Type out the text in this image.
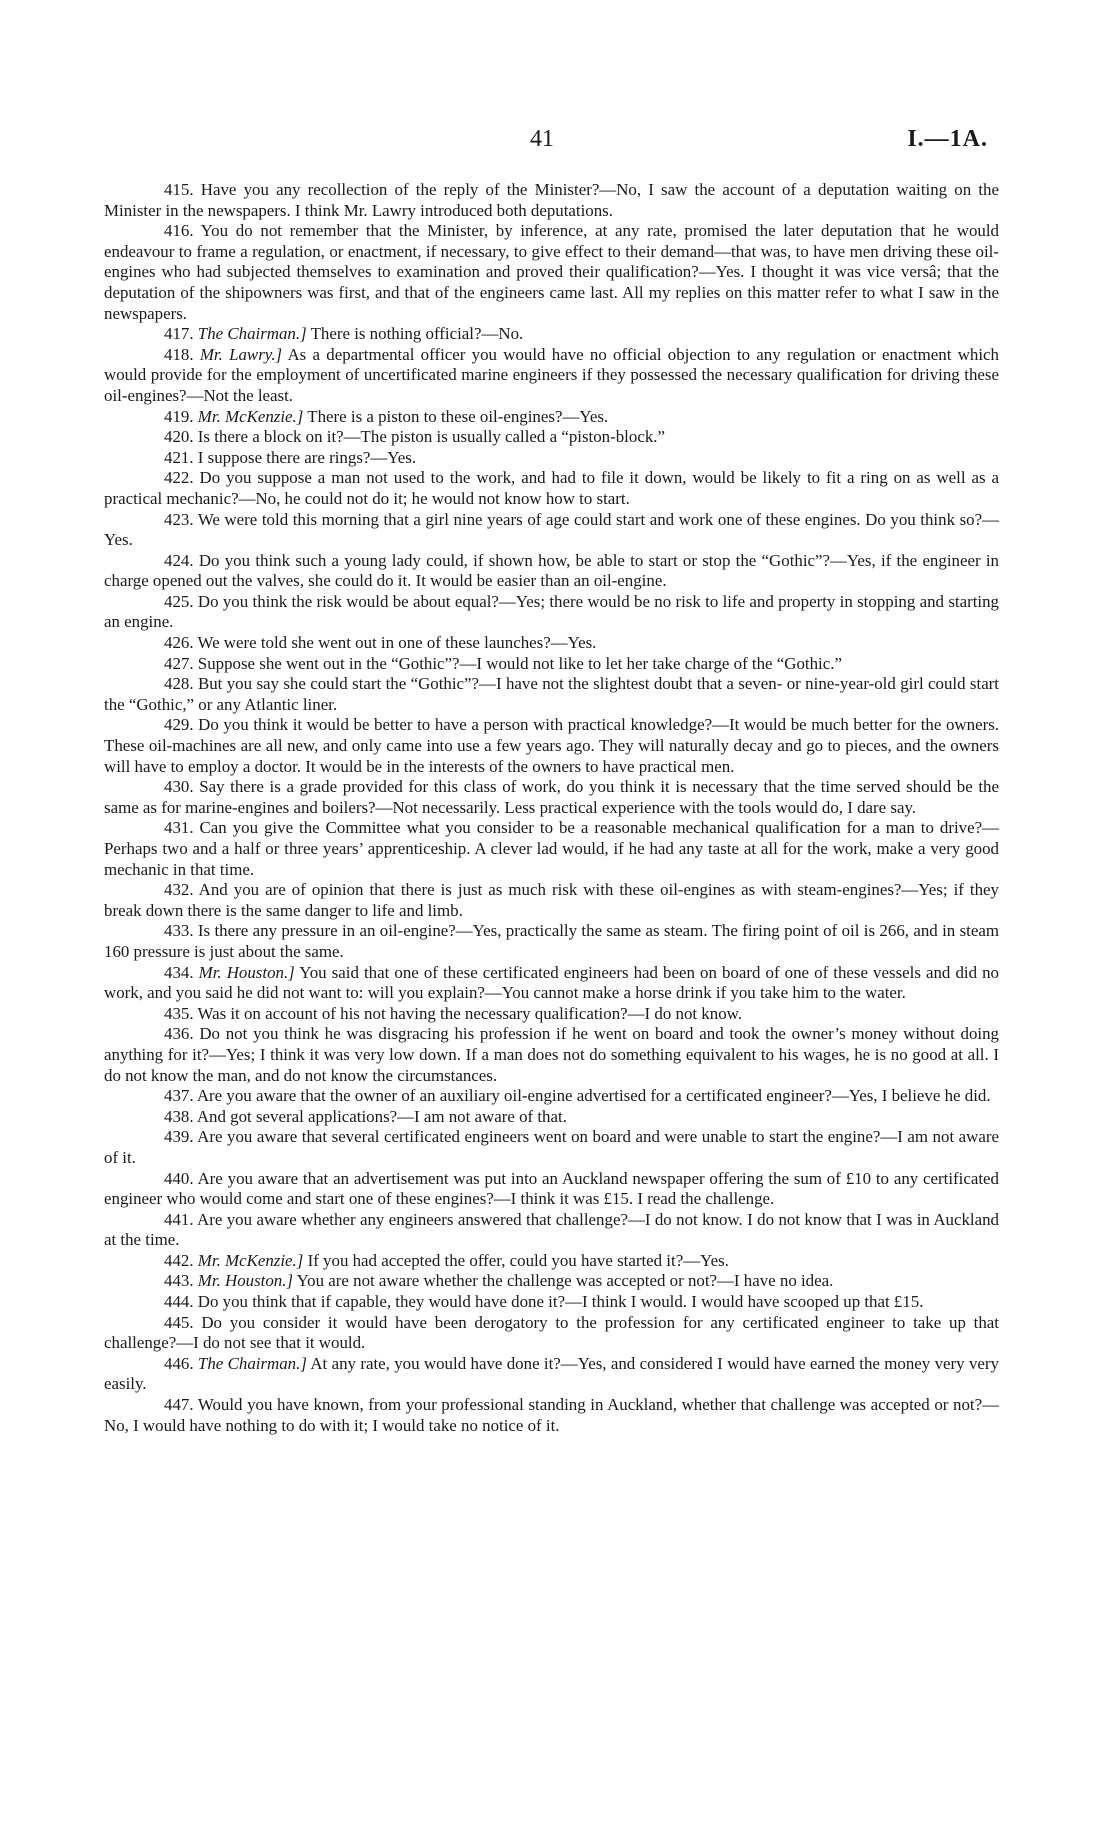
41	I.—1A.

415. Have you any recollection of the reply of the Minister?—No, I saw the account of a deputation waiting on the Minister in the newspapers. I think Mr. Lawry introduced both deputations.

416. You do not remember that the Minister, by inference, at any rate, promised the later deputation that he would endeavour to frame a regulation, or enactment, if necessary, to give effect to their demand—that was, to have men driving these oil-engines who had subjected themselves to examination and proved their qualification?—Yes. I thought it was vice versâ; that the deputation of the shipowners was first, and that of the engineers came last. All my replies on this matter refer to what I saw in the newspapers.

417. The Chairman.] There is nothing official?—No.

418. Mr. Lawry.] As a departmental officer you would have no official objection to any regulation or enactment which would provide for the employment of uncertificated marine engineers if they possessed the necessary qualification for driving these oil-engines?—Not the least.

419. Mr. McKenzie.] There is a piston to these oil-engines?—Yes.

420. Is there a block on it?—The piston is usually called a “piston-block.”

421. I suppose there are rings?—Yes.

422. Do you suppose a man not used to the work, and had to file it down, would be likely to fit a ring on as well as a practical mechanic?—No, he could not do it; he would not know how to start.

423. We were told this morning that a girl nine years of age could start and work one of these engines. Do you think so?—Yes.

424. Do you think such a young lady could, if shown how, be able to start or stop the “Gothic”?—Yes, if the engineer in charge opened out the valves, she could do it. It would be easier than an oil-engine.

425. Do you think the risk would be about equal?—Yes; there would be no risk to life and property in stopping and starting an engine.

426. We were told she went out in one of these launches?—Yes.

427. Suppose she went out in the “Gothic”?—I would not like to let her take charge of the “Gothic.”

428. But you say she could start the “Gothic”?—I have not the slightest doubt that a seven- or nine-year-old girl could start the “Gothic,” or any Atlantic liner.

429. Do you think it would be better to have a person with practical knowledge?—It would be much better for the owners. These oil-machines are all new, and only came into use a few years ago. They will naturally decay and go to pieces, and the owners will have to employ a doctor. It would be in the interests of the owners to have practical men.

430. Say there is a grade provided for this class of work, do you think it is necessary that the time served should be the same as for marine-engines and boilers?—Not necessarily. Less practical experience with the tools would do, I dare say.

431. Can you give the Committee what you consider to be a reasonable mechanical qualification for a man to drive?—Perhaps two and a half or three years’ apprenticeship. A clever lad would, if he had any taste at all for the work, make a very good mechanic in that time.

432. And you are of opinion that there is just as much risk with these oil-engines as with steam-engines?—Yes; if they break down there is the same danger to life and limb.

433. Is there any pressure in an oil-engine?—Yes, practically the same as steam. The firing point of oil is 266, and in steam 160 pressure is just about the same.

434. Mr. Houston.] You said that one of these certificated engineers had been on board of one of these vessels and did no work, and you said he did not want to: will you explain?—You cannot make a horse drink if you take him to the water.

435. Was it on account of his not having the necessary qualification?—I do not know.

436. Do not you think he was disgracing his profession if he went on board and took the owner’s money without doing anything for it?—Yes; I think it was very low down. If a man does not do something equivalent to his wages, he is no good at all. I do not know the man, and do not know the circumstances.

437. Are you aware that the owner of an auxiliary oil-engine advertised for a certificated engineer?—Yes, I believe he did.

438. And got several applications?—I am not aware of that.

439. Are you aware that several certificated engineers went on board and were unable to start the engine?—I am not aware of it.

440. Are you aware that an advertisement was put into an Auckland newspaper offering the sum of £10 to any certificated engineer who would come and start one of these engines?—I think it was £15. I read the challenge.

441. Are you aware whether any engineers answered that challenge?—I do not know. I do not know that I was in Auckland at the time.

442. Mr. McKenzie.] If you had accepted the offer, could you have started it?—Yes.

443. Mr. Houston.] You are not aware whether the challenge was accepted or not?—I have no idea.

444. Do you think that if capable, they would have done it?—I think I would. I would have scooped up that £15.

445. Do you consider it would have been derogatory to the profession for any certificated engineer to take up that challenge?—I do not see that it would.

446. The Chairman.] At any rate, you would have done it?—Yes, and considered I would have earned the money very very easily.

447. Would you have known, from your professional standing in Auckland, whether that challenge was accepted or not?—No, I would have nothing to do with it; I would take no notice of it.
